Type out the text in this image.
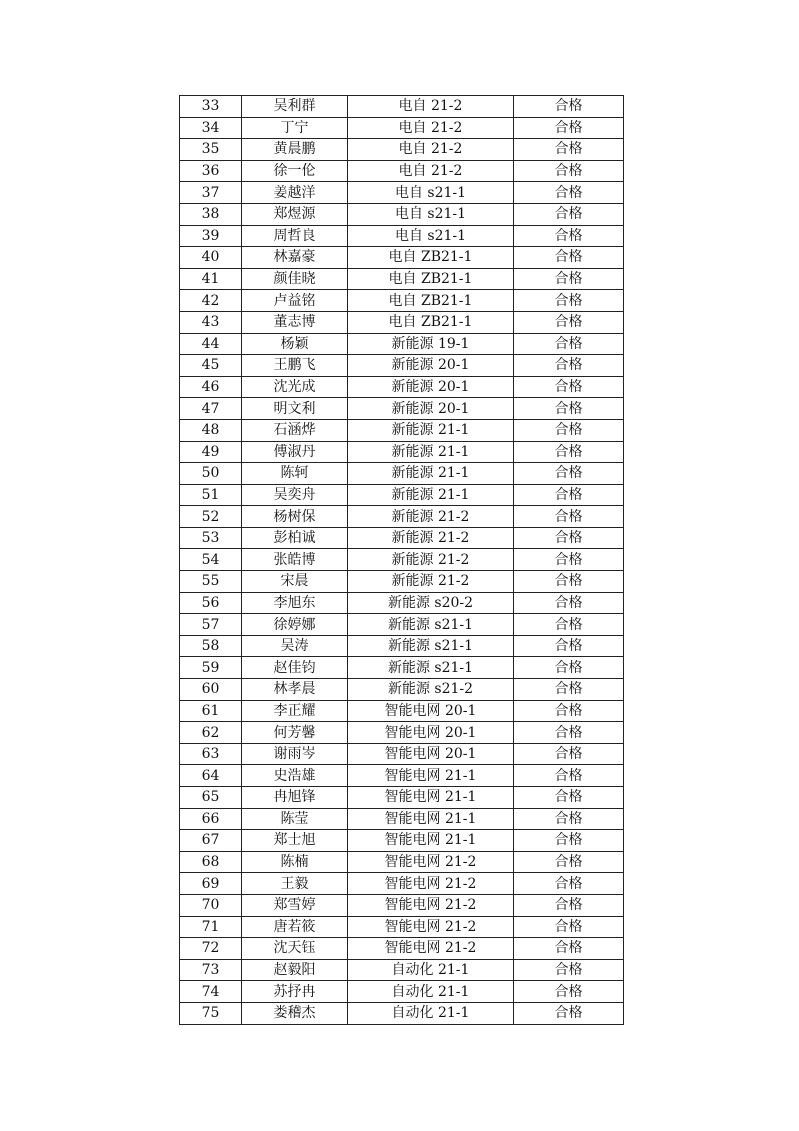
33	吴利群	电自 21-2	合格
34	丁宁	电自 21-2	合格
35	黄晨鹏	电自 21-2	合格
36	徐一伦	电自 21-2	合格
37	姜越洋	电自 s21-1	合格
38	郑煜源	电自 s21-1	合格
39	周哲良	电自 s21-1	合格
40	林嘉豪	电自 ZB21-1	合格
41	颜佳晓	电自 ZB21-1	合格
42	卢益铭	电自 ZB21-1	合格
43	董志博	电自 ZB21-1	合格
44	杨颖	新能源 19-1	合格
45	王鹏飞	新能源 20-1	合格
46	沈光成	新能源 20-1	合格
47	明文利	新能源 20-1	合格
48	石涵烨	新能源 21-1	合格
49	傅淑丹	新能源 21-1	合格
50	陈轲	新能源 21-1	合格
51	吴奕舟	新能源 21-1	合格
52	杨树保	新能源 21-2	合格
53	彭柏诚	新能源 21-2	合格
54	张皓博	新能源 21-2	合格
55	宋晨	新能源 21-2	合格
56	李旭东	新能源 s20-2	合格
57	徐婷娜	新能源 s21-1	合格
58	吴涛	新能源 s21-1	合格
59	赵佳钧	新能源 s21-1	合格
60	林孝晨	新能源 s21-2	合格
61	李正耀	智能电网 20-1	合格
62	何芳馨	智能电网 20-1	合格
63	谢雨岑	智能电网 20-1	合格
64	史浩雄	智能电网 21-1	合格
65	冉旭锋	智能电网 21-1	合格
66	陈莹	智能电网 21-1	合格
67	郑士旭	智能电网 21-1	合格
68	陈楠	智能电网 21-2	合格
69	王毅	智能电网 21-2	合格
70	郑雪婷	智能电网 21-2	合格
71	唐若筱	智能电网 21-2	合格
72	沈天钰	智能电网 21-2	合格
73	赵毅阳	自动化 21-1	合格
74	苏抒冉	自动化 21-1	合格
75	娄稽杰	自动化 21-1	合格
